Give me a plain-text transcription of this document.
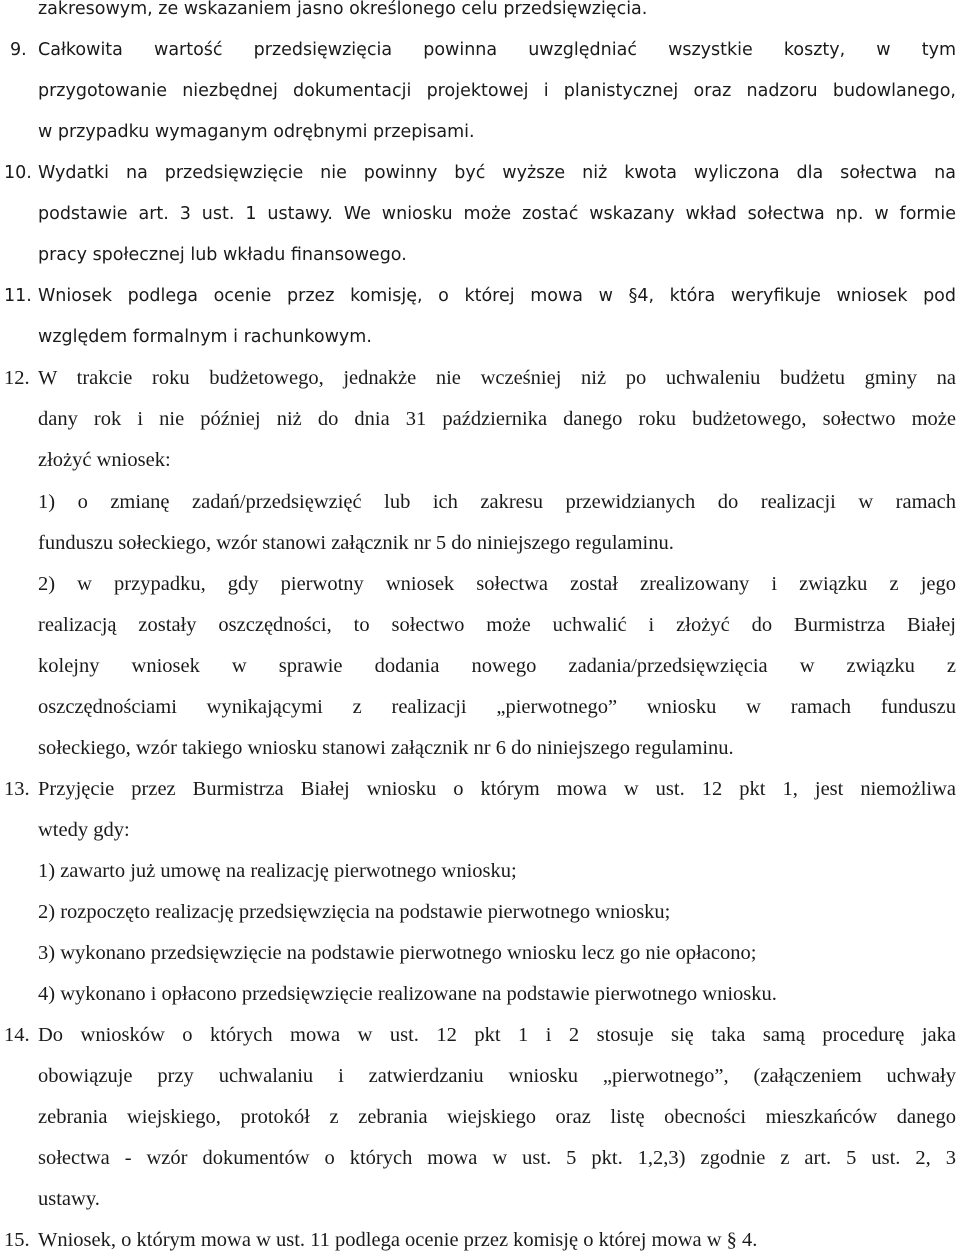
zakresowym, ze wskazaniem jasno określonego celu przedsięwzięcia.
9. Całkowita wartość przedsięwzięcia powinna uwzględniać wszystkie koszty, w tym
przygotowanie niezbędnej dokumentacji projektowej i planistycznej oraz nadzoru budowlanego,
w przypadku wymaganym odrębnymi przepisami.
10. Wydatki na przedsięwzięcie nie powinny być wyższe niż kwota wyliczona dla sołectwa na
podstawie art. 3 ust. 1 ustawy. We wniosku może zostać wskazany wkład sołectwa np. w formie
pracy społecznej lub wkładu finansowego.
11. Wniosek podlega ocenie przez komisję, o której mowa w §4, która weryfikuje wniosek pod
względem formalnym i rachunkowym.
12. W trakcie roku budżetowego, jednakże nie wcześniej niż po uchwaleniu budżetu gminy na
dany rok i nie później niż do dnia 31 października danego roku budżetowego, sołectwo może
złożyć wniosek:
1) o zmianę zadań/przedsięwzięć lub ich zakresu przewidzianych do realizacji w ramach
funduszu sołeckiego, wzór stanowi załącznik nr 5 do niniejszego regulaminu.
2) w przypadku, gdy pierwotny wniosek sołectwa został zrealizowany i związku z jego
realizacją zostały oszczędności, to sołectwo może uchwalić i złożyć do Burmistrza Białej
kolejny wniosek w sprawie dodania nowego zadania/przedsięwzięcia w związku z
oszczędnościami wynikającymi z realizacji „pierwotnego” wniosku w ramach funduszu
sołeckiego, wzór takiego wniosku stanowi załącznik nr 6 do niniejszego regulaminu.
13. Przyjęcie przez Burmistrza Białej wniosku o którym mowa w ust. 12 pkt 1, jest niemożliwa
wtedy gdy:
1) zawarto już umowę na realizację pierwotnego wniosku;
2) rozpoczęto realizację przedsięwzięcia na podstawie pierwotnego wniosku;
3) wykonano przedsięwzięcie na podstawie pierwotnego wniosku lecz go nie opłacono;
4) wykonano i opłacono przedsięwzięcie realizowane na podstawie pierwotnego wniosku.
14. Do wniosków o których mowa w ust. 12 pkt 1 i 2 stosuje się taka samą procedurę jaka
obowiązuje przy uchwalaniu i zatwierdzaniu wniosku „pierwotnego”, (załączeniem uchwały
zebrania wiejskiego, protokół z zebrania wiejskiego oraz listę obecności mieszkańców danego
sołectwa - wzór dokumentów o których mowa w ust. 5 pkt. 1,2,3) zgodnie z art. 5 ust. 2, 3
ustawy.
15. Wniosek, o którym mowa w ust. 11 podlega ocenie przez komisję o której mowa w § 4.
